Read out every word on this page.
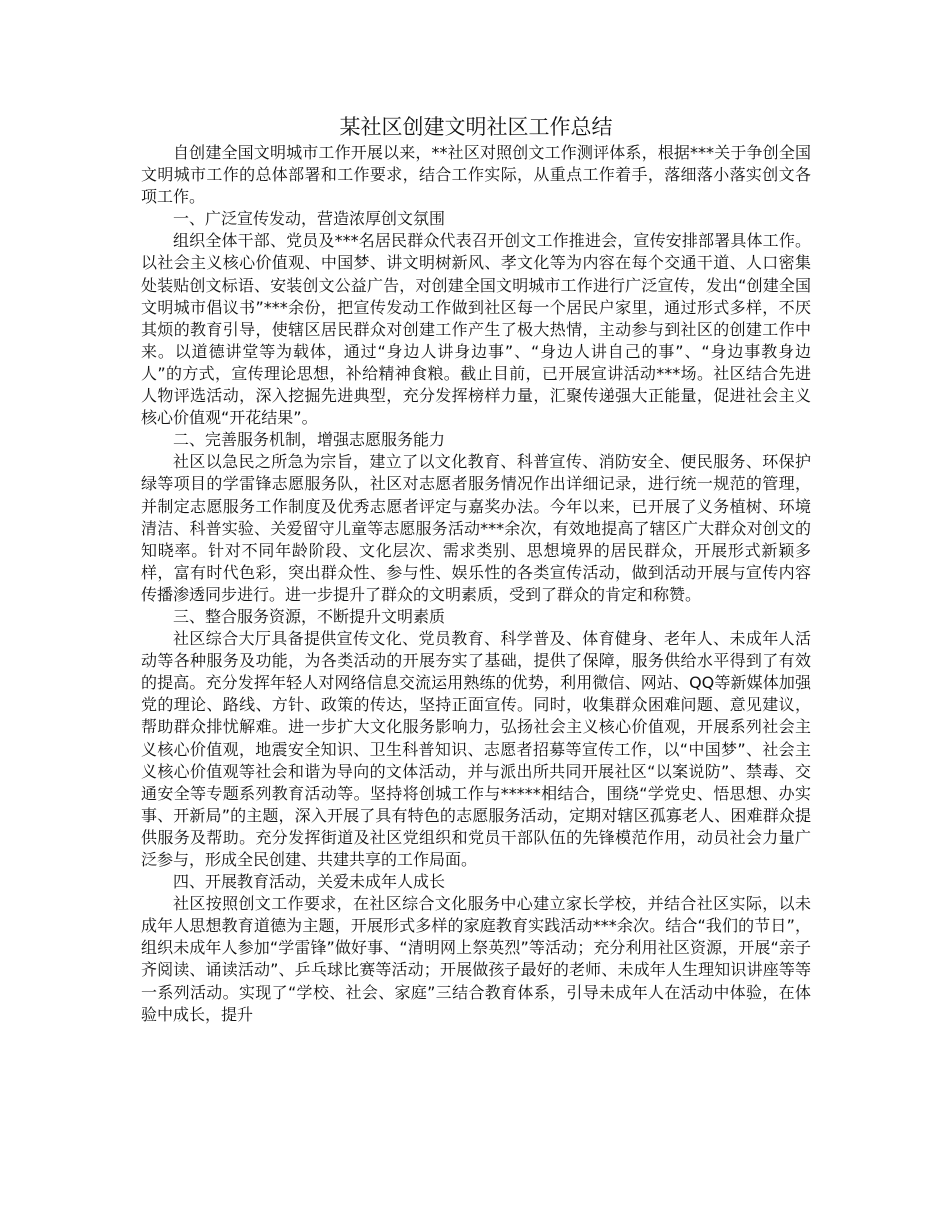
某社区创建文明社区工作总结

自创建全国文明城市工作开展以来，**社区对照创文工作测评体系，根据***关于争创全国文明城市工作的总体部署和工作要求，结合工作实际，从重点工作着手，落细落小落实创文各项工作。

一、广泛宣传发动，营造浓厚创文氛围

组织全体干部、党员及***名居民群众代表召开创文工作推进会，宣传安排部署具体工作。以社会主义核心价值观、中国梦、讲文明树新风、孝文化等为内容在每个交通干道、人口密集处装贴创文标语、安装创文公益广告，对创建全国文明城市工作进行广泛宣传，发出“创建全国文明城市倡议书”***余份，把宣传发动工作做到社区每一个居民户家里，通过形式多样，不厌其烦的教育引导，使辖区居民群众对创建工作产生了极大热情，主动参与到社区的创建工作中来。以道德讲堂等为载体，通过“身边人讲身边事”、“身边人讲自己的事”、“身边事教身边人”的方式，宣传理论思想，补给精神食粮。截止目前，已开展宣讲活动***场。社区结合先进人物评选活动，深入挖掘先进典型，充分发挥榜样力量，汇聚传递强大正能量，促进社会主义核心价值观“开花结果”。

二、完善服务机制，增强志愿服务能力

社区以急民之所急为宗旨，建立了以文化教育、科普宣传、消防安全、便民服务、环保护绿等项目的学雷锋志愿服务队，社区对志愿者服务情况作出详细记录，进行统一规范的管理，并制定志愿服务工作制度及优秀志愿者评定与嘉奖办法。今年以来，已开展了义务植树、环境清洁、科普实验、关爱留守儿童等志愿服务活动***余次，有效地提高了辖区广大群众对创文的知晓率。针对不同年龄阶段、文化层次、需求类别、思想境界的居民群众，开展形式新颖多样，富有时代色彩，突出群众性、参与性、娱乐性的各类宣传活动，做到活动开展与宣传内容传播渗透同步进行。进一步提升了群众的文明素质，受到了群众的肯定和称赞。

三、整合服务资源，不断提升文明素质

社区综合大厅具备提供宣传文化、党员教育、科学普及、体育健身、老年人、未成年人活动等各种服务及功能，为各类活动的开展夯实了基础，提供了保障，服务供给水平得到了有效的提高。充分发挥年轻人对网络信息交流运用熟练的优势，利用微信、网站、QQ等新媒体加强党的理论、路线、方针、政策的传达，坚持正面宣传。同时，收集群众困难问题、意见建议，帮助群众排忧解难。进一步扩大文化服务影响力，弘扬社会主义核心价值观，开展系列社会主义核心价值观，地震安全知识、卫生科普知识、志愿者招募等宣传工作，以“中国梦”、社会主义核心价值观等社会和谐为导向的文体活动，并与派出所共同开展社区“以案说防”、禁毒、交通安全等专题系列教育活动等。坚持将创城工作与*****相结合，围绕“学党史、悟思想、办实事、开新局”的主题，深入开展了具有特色的志愿服务活动，定期对辖区孤寡老人、困难群众提供服务及帮助。充分发挥街道及社区党组织和党员干部队伍的先锋模范作用，动员社会力量广泛参与，形成全民创建、共建共享的工作局面。

四、开展教育活动，关爱未成年人成长

社区按照创文工作要求，在社区综合文化服务中心建立家长学校，并结合社区实际，以未成年人思想教育道德为主题，开展形式多样的家庭教育实践活动***余次。结合“我们的节日”，组织未成年人参加“学雷锋”做好事、“清明网上祭英烈”等活动；充分利用社区资源，开展“亲子齐阅读、诵读活动”、乒乓球比赛等活动；开展做孩子最好的老师、未成年人生理知识讲座等等一系列活动。实现了“学校、社会、家庭”三结合教育体系，引导未成年人在活动中体验，在体验中成长，提升
